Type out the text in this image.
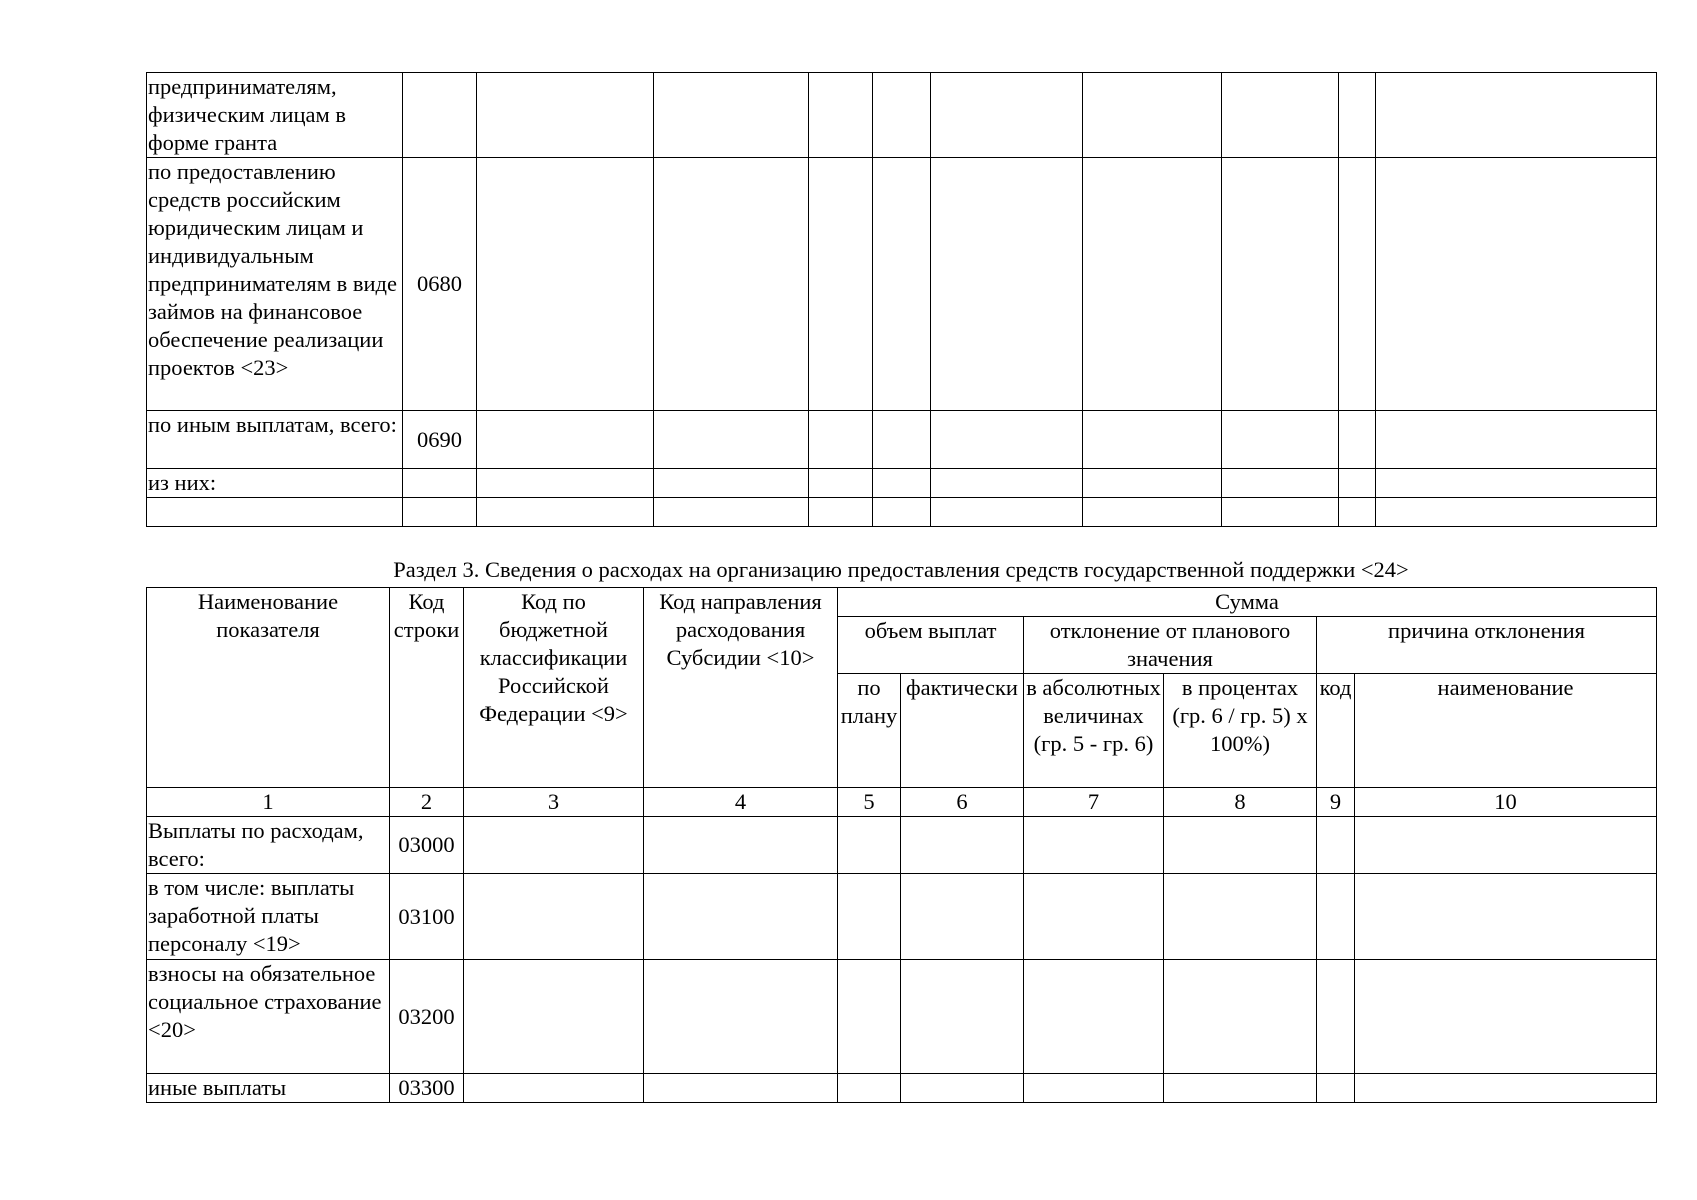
предпринимателям, физическим лицам в форме гранта										
по предоставлению средств российским юридическим лицам и индивидуальным предпринимателям в виде займов на финансовое обеспечение реализации проектов <23>	0680									
по иным выплатам, всего:	0690									
из них:										

Раздел 3. Сведения о расходах на организацию предоставления средств государственной поддержки <24>
Наименование показателя	Код строки	Код по бюджетной классификации Российской Федерации <9>	Код направления расходования Субсидии <10>	Сумма					
				объем выплат		отклонение от планового значения		причина отклонения	
				по плану	фактически	в абсолютных величинах (гр. 5 - гр. 6)	в процентах (гр. 6 / гр. 5) х 100%)	код	наименование
1	2	3	4	5	6	7	8	9	10
Выплаты по расходам, всего:	03000								
в том числе: выплаты заработной платы персоналу <19>	03100								
взносы на обязательное социальное страхование <20>	03200								
иные выплаты	03300								
